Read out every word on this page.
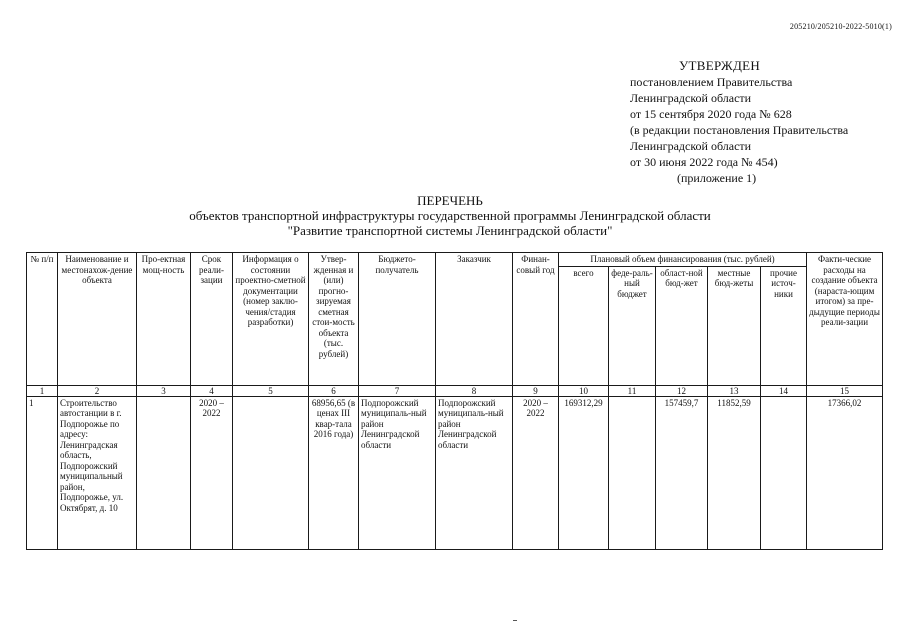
205210/205210-2022-5010(1)
УТВЕРЖДЕН
постановлением Правительства
Ленинградской области
от 15 сентября 2020 года № 628
(в редакции постановления Правительства
Ленинградской области
от 30 июня 2022 года № 454)
(приложение 1)
ПЕРЕЧЕНЬ
объектов транспортной инфраструктуры государственной программы Ленинградской области
"Развитие транспортной системы Ленинградской области"
№ п/п	Наименование и местонахож-дение объекта	Про-ектная мощ-ность	Срок реали-зации	Информация о состоянии проектно-сметной документации (номер заклю-чения/стадия разработки)	Утвер-жденная и (или) прогно-зируемая сметная стои-мость объекта (тыс. рублей)	Бюджето-получатель	Заказчик	Финан-совый год	Плановый объем финансирования (тыс. рублей)					Факти-ческие расходы на создание объекта (нараста-ющим итогом) за пре-дыдущие периоды реали-зации
									всего	феде-раль-ный бюджет	област-ной бюд-жет	местные бюд-жеты	прочие источ-ники	
1	2	3	4	5	6	7	8	9	10	11	12	13	14	15
1	Строительство автостанции в г. Подпорожье по адресу: Ленинградская область, Подпорожский муниципальный район, Подпорожье, ул. Октябрят, д. 10		2020 – 2022		68956,65 (в ценах III квар-тала 2016 года)	Подпорожский муниципаль-ный район Ленинградской области	Подпорожский муниципаль-ный район Ленинградской области	2020 – 2022	169312,29		157459,7	11852,59		17366,02
